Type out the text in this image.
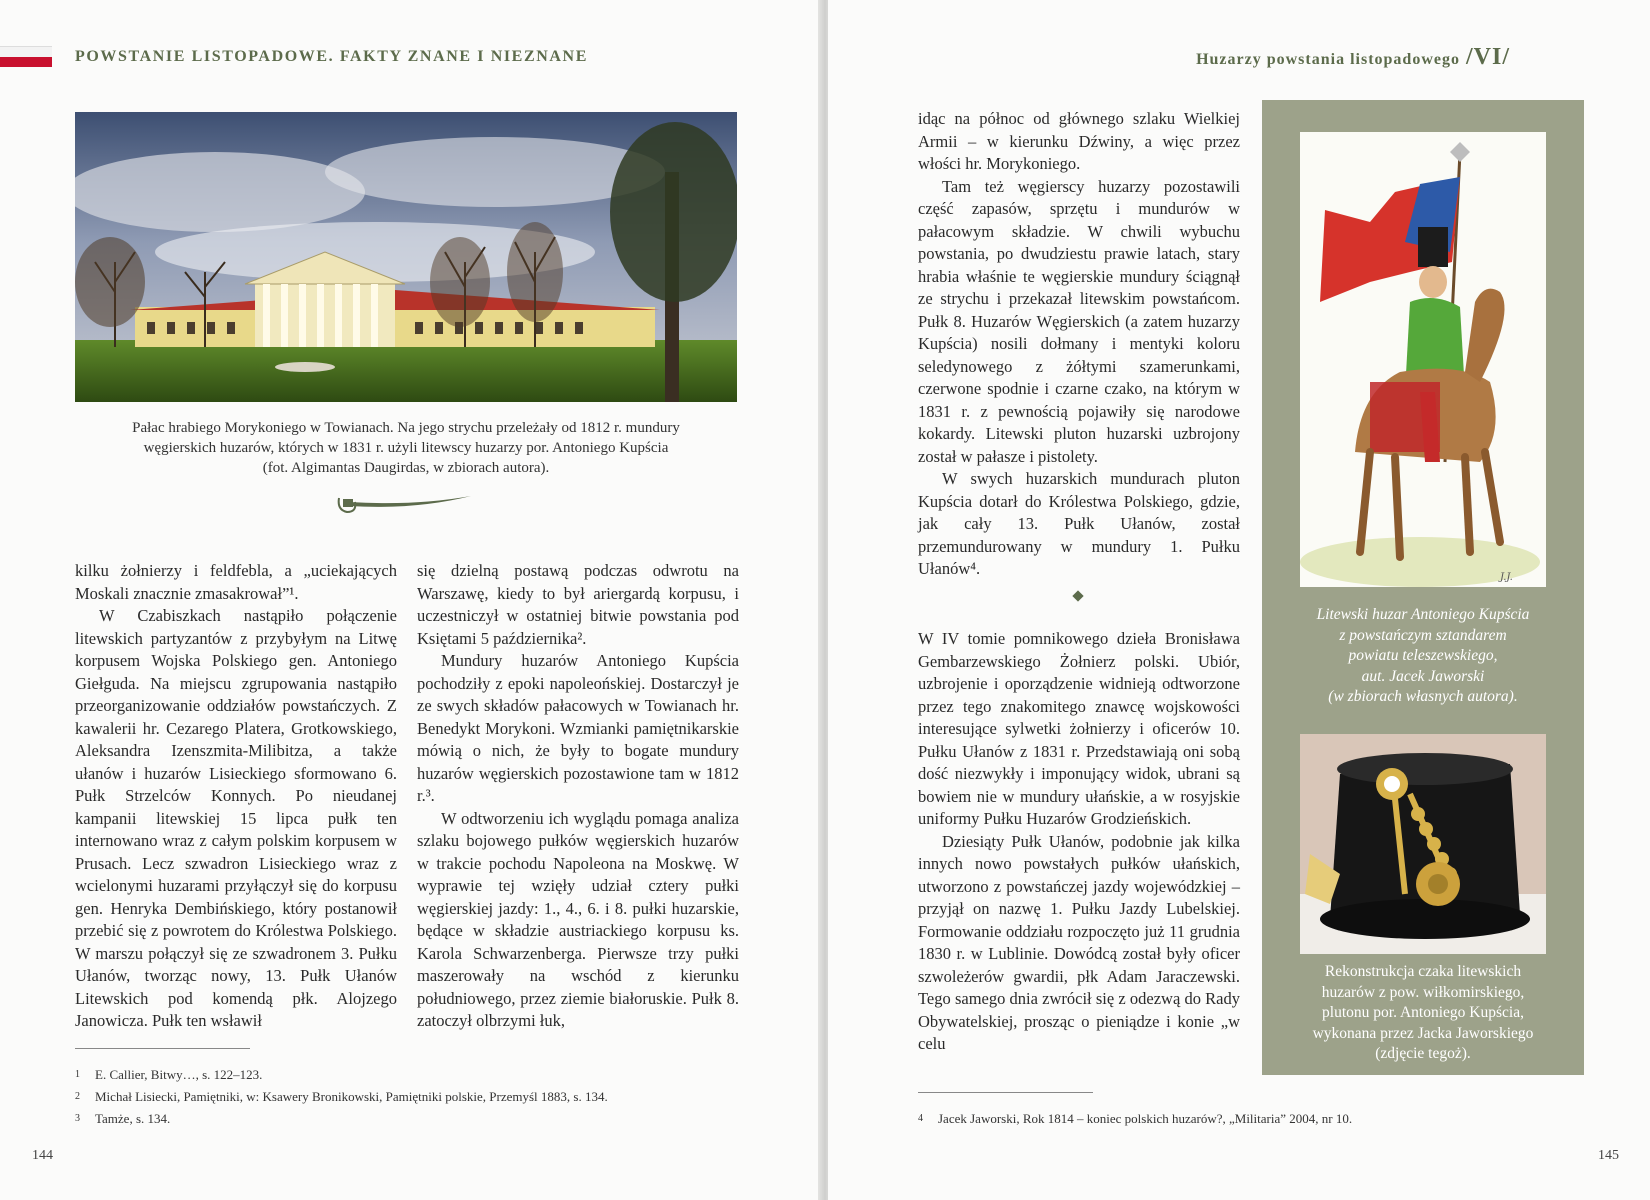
POWSTANIE LISTOPADOWE. FAKTY ZNANE I NIEZNANE
Pałac hrabiego Morykoniego w Towianach. Na jego strychu przeleżały od 1812 r. mundury
węgierskich huzarów, których w 1831 r. użyli litewscy huzarzy por. Antoniego Kupścia
(fot. Algimantas Daugirdas, w zbiorach autora).

kilku żołnierzy i feldfebla, a „uciekających Moskali znacznie zmasakrował”¹.

W Czabiszkach nastąpiło połączenie litewskich partyzantów z przybyłym na Litwę korpusem Wojska Polskiego gen. Antoniego Giełguda. Na miejscu zgrupowania nastąpiło przeorganizowanie oddziałów powstańczych. Z kawalerii hr. Cezarego Platera, Grotkowskiego, Aleksandra Izenszmita-Milibitza, a także ułanów i huzarów Lisieckiego sformowano 6. Pułk Strzelców Konnych. Po nieudanej kampanii litewskiej 15 lipca pułk ten internowano wraz z całym polskim korpusem w Prusach. Lecz szwadron Lisieckiego wraz z wcielonymi huzarami przyłączył się do korpusu gen. Henryka Dembińskiego, który postanowił przebić się z powrotem do Królestwa Polskiego. W marszu połączył się ze szwadronem 3. Pułku Ułanów, tworząc nowy, 13. Pułk Ułanów Litewskich pod komendą płk. Alojzego Janowicza. Pułk ten wsławił

się dzielną postawą podczas odwrotu na Warszawę, kiedy to był ariergardą korpusu, i uczestniczył w ostatniej bitwie powstania pod Księtami 5 października².

Mundury huzarów Antoniego Kupścia pochodziły z epoki napoleońskiej. Dostarczył je ze swych składów pałacowych w Towianach hr. Benedykt Morykoni. Wzmianki pamiętnikarskie mówią o nich, że były to bogate mundury huzarów węgierskich pozostawione tam w 1812 r.³.

W odtworzeniu ich wyglądu pomaga analiza szlaku bojowego pułków węgierskich huzarów w trakcie pochodu Napoleona na Moskwę. W wyprawie tej wzięły udział cztery pułki węgierskiej jazdy: 1., 4., 6. i 8. pułki huzarskie, będące w składzie austriackiego korpusu ks. Karola Schwarzenberga. Pierwsze trzy pułki maszerowały na wschód z kierunku południowego, przez ziemie białoruskie. Pułk 8. zatoczył olbrzymi łuk,

1 E. Callier, Bitwy…, s. 122–123.
2 Michał Lisiecki, Pamiętniki, w: Ksawery Bronikowski, Pamiętniki polskie, Przemyśl 1883, s. 134.
3 Tamże, s. 134.
144
Huzarzy powstania listopadowego /VI/

idąc na północ od głównego szlaku Wielkiej Armii – w kierunku Dźwiny, a więc przez włości hr. Morykoniego.

Tam też węgierscy huzarzy pozostawili część zapasów, sprzętu i mundurów w pałacowym składzie. W chwili wybuchu powstania, po dwudziestu prawie latach, stary hrabia właśnie te węgierskie mundury ściągnął ze strychu i przekazał litewskim powstańcom. Pułk 8. Huzarów Węgierskich (a zatem huzarzy Kupścia) nosili dołmany i mentyki koloru seledynowego z żółtymi szamerunkami, czerwone spodnie i czarne czako, na którym w 1831 r. z pewnością pojawiły się narodowe kokardy. Litewski pluton huzarski uzbrojony został w pałasze i pistolety.

W swych huzarskich mundurach pluton Kupścia dotarł do Królestwa Polskiego, gdzie, jak cały 13. Pułk Ułanów, został przemundurowany w mundury 1. Pułku Ułanów⁴.

W IV tomie pomnikowego dzieła Bronisława Gembarzewskiego Żołnierz polski. Ubiór, uzbrojenie i oporządzenie widnieją odtworzone przez tego znakomitego znawcę wojskowości interesujące sylwetki żołnierzy i oficerów 10. Pułku Ułanów z 1831 r. Przedstawiają oni sobą dość niezwykły i imponujący widok, ubrani są bowiem nie w mundury ułańskie, a w rosyjskie uniformy Pułku Huzarów Grodzieńskich.

Dziesiąty Pułk Ułanów, podobnie jak kilka innych nowo powstałych pułków ułańskich, utworzono z powstańczej jazdy wojewódzkiej – przyjął on nazwę 1. Pułku Jazdy Lubelskiej. Formowanie oddziału rozpoczęto już 11 grudnia 1830 r. w Lublinie. Dowódcą został były oficer szwoleżerów gwardii, płk Adam Jaraczewski. Tego samego dnia zwrócił się z odezwą do Rady Obywatelskiej, prosząc o pieniądze i konie „w celu

J.J.
Litewski huzar Antoniego Kupścia
z powstańczym sztandarem
powiatu teleszewskiego,
aut. Jacek Jaworski
(w zbiorach własnych autora).
Rekonstrukcja czaka litewskich
huzarów z pow. wiłkomirskiego,
plutonu por. Antoniego Kupścia,
wykonana przez Jacka Jaworskiego
(zdjęcie tegoż).
4 Jacek Jaworski, Rok 1814 – koniec polskich huzarów?, „Militaria” 2004, nr 10.
145
